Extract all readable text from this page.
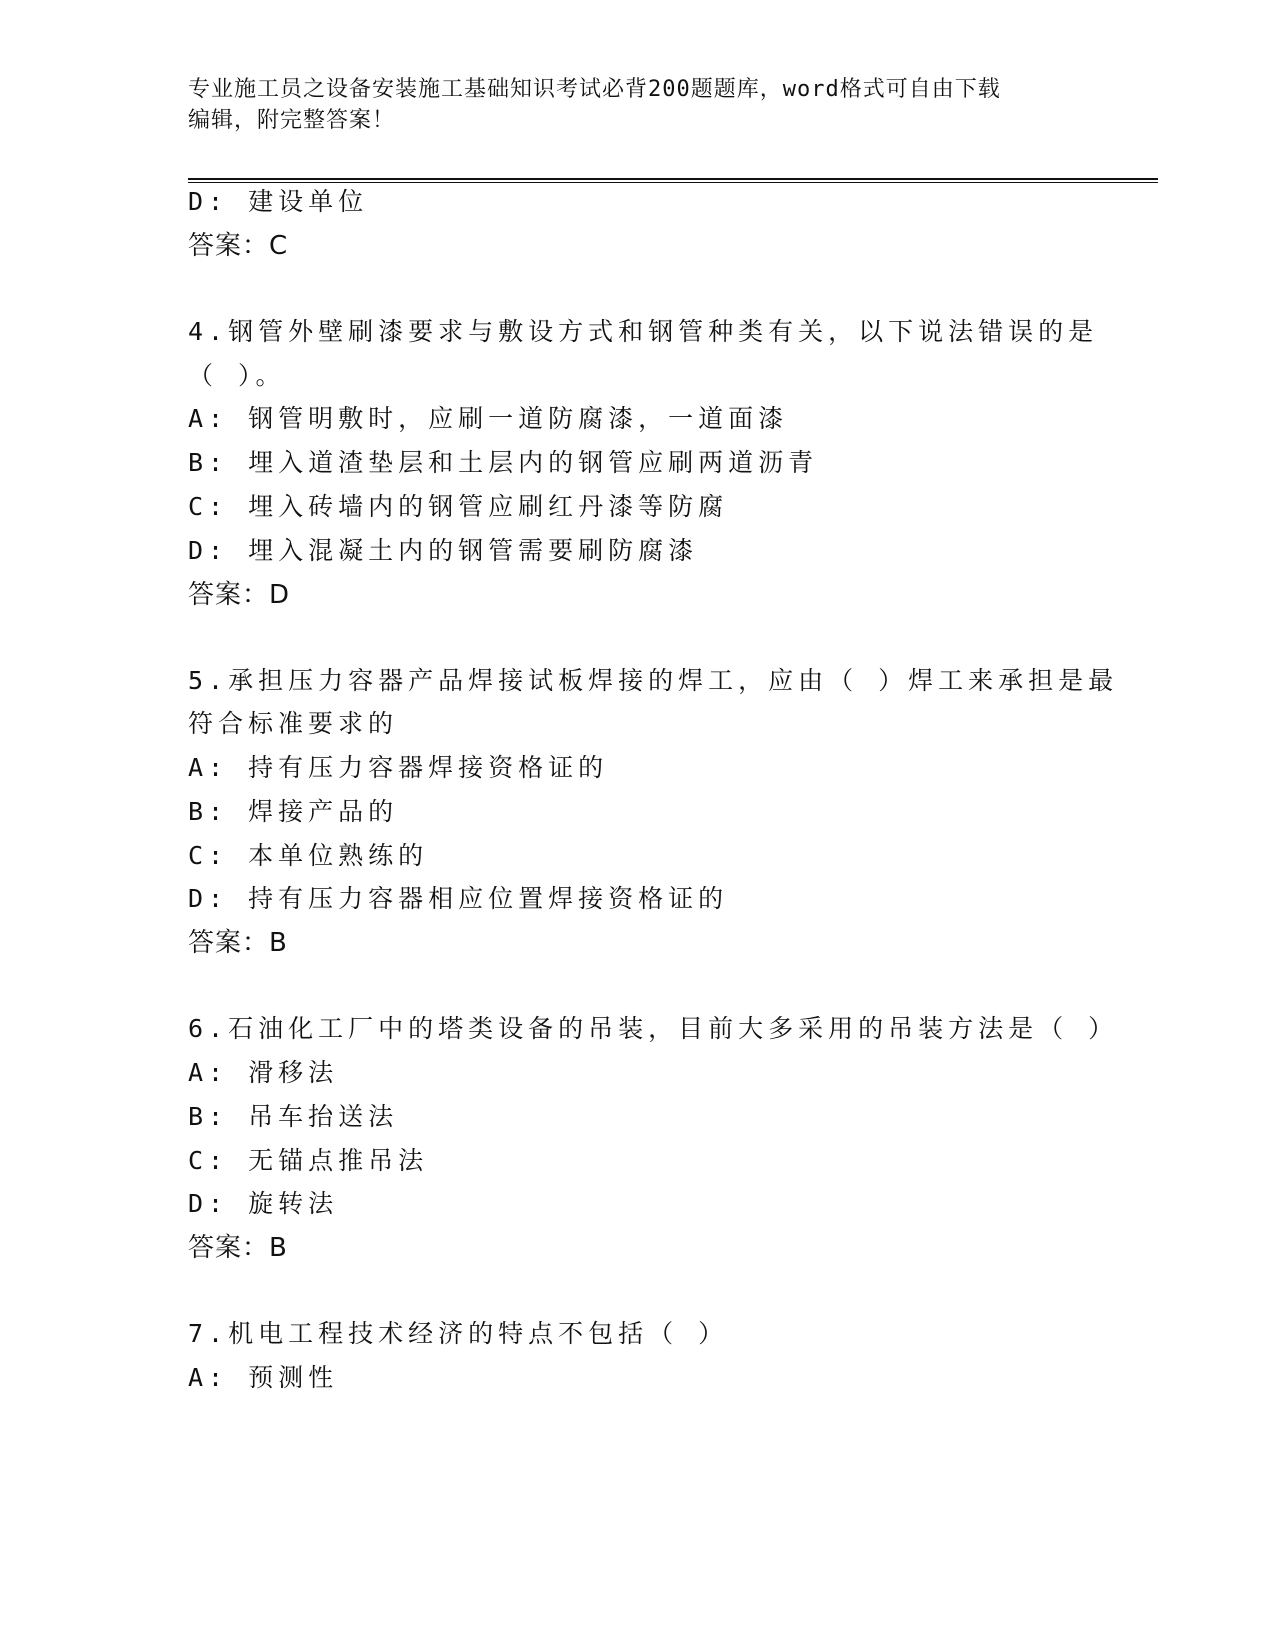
专业施工员之设备安装施工基础知识考试必背200题题库，word格式可自由下载
编辑，附完整答案！
D: 建设单位
答案：C
4.钢管外壁刷漆要求与敷设方式和钢管种类有关，以下说法错误的是
（ ）。
A: 钢管明敷时，应刷一道防腐漆，一道面漆
B: 埋入道渣垫层和土层内的钢管应刷两道沥青
C: 埋入砖墙内的钢管应刷红丹漆等防腐
D: 埋入混凝土内的钢管需要刷防腐漆
答案：D
5.承担压力容器产品焊接试板焊接的焊工，应由（ ）焊工来承担是最
符合标准要求的
A: 持有压力容器焊接资格证的
B: 焊接产品的
C: 本单位熟练的
D: 持有压力容器相应位置焊接资格证的
答案：B
6.石油化工厂中的塔类设备的吊装，目前大多采用的吊装方法是（ ）
A: 滑移法
B: 吊车抬送法
C: 无锚点推吊法
D: 旋转法
答案：B
7.机电工程技术经济的特点不包括（ ）
A: 预测性
